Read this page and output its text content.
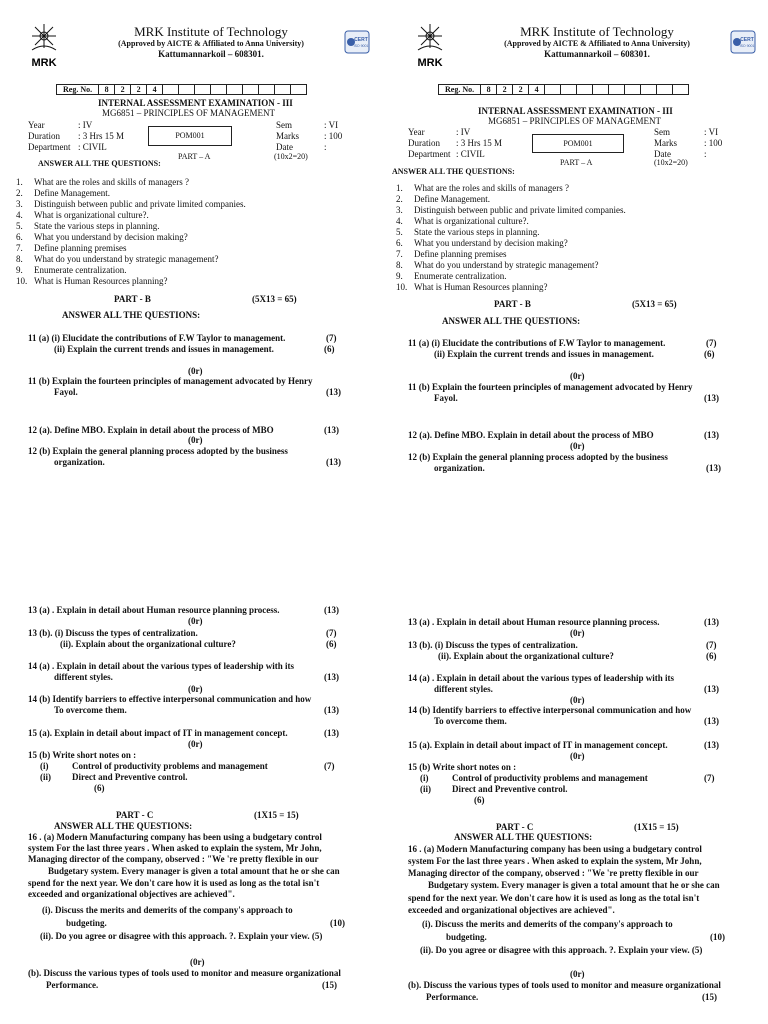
MRK
CERT
ISO 9001
MRK Institute of Technology
(Approved by AICTE & Affiliated to Anna University)
Kattumannarkoil – 608301.
Reg. No.	8	2	2	4									
INTERNAL ASSESSMENT EXAMINATION - III
MG6851 – PRINCIPLES OF MANAGEMENT
Year	: IV
Duration : 3 Hrs 15 M
Department : CIVIL
POM001
Sem	: VI
Marks	: 100
Date	:
PART – A	(10x2=20)
ANSWER ALL THE QUESTIONS:
1. What are the roles and skills of managers ?
2. Define Management.
3. Distinguish between public and private limited companies.
4. What is organizational culture?.
5. State the various steps in planning.
6. What you understand by decision making?
7. Define planning premises
8. What do you understand by strategic management?
9. Enumerate centralization.
10. What is Human Resources planning?
PART - B	(5X13 = 65)
ANSWER ALL THE QUESTIONS:
11 (a) (i) Elucidate the contributions of F.W Taylor to management.	(7)
(ii) Explain the current trends and issues in management.	(6)
(0r)
11 (b) Explain the fourteen principles of management advocated by Henry
Fayol.	(13)
12 (a). Define MBO. Explain in detail about the process of MBO	(13)
(0r)
12 (b) Explain the general planning process adopted by the business
organization.	(13)
13 (a) . Explain in detail about Human resource planning process.	(13)
(0r)
13 (b). (i) Discuss the types of centralization.	(7)
(ii). Explain about the organizational culture?	(6)
14 (a) . Explain in detail about the various types of leadership with its
different styles.	(13)
(0r)
14 (b) Identify barriers to effective interpersonal communication and how
To overcome them.	(13)
15 (a). Explain in detail about impact of IT in management concept.	(13)
(0r)
15 (b) Write short notes on :
(i)	Control of productivity problems and management	(7)
(ii) Direct and Preventive control.
(6)
PART - C	(1X15 = 15)
ANSWER ALL THE QUESTIONS:
16 . (a) Modern Manufacturing company has been using a budgetary control
system For the last three years . When asked to explain the system, Mr John,
Managing director of the company, observed : "We 're pretty flexible in our
Budgetary system. Every manager is given a total amount that he or she can
spend for the next year. We don't care how it is used as long as the total isn't
exceeded and organizational objectives are achieved".
(i). Discuss the merits and demerits of the company's approach to
budgeting.	(10)
(ii). Do you agree or disagree with this approach. ?. Explain your view. (5)
(0r)
(b). Discuss the various types of tools used to monitor and measure organizational
Performance.	(15)
MRK
CERT
ISO 9001
MRK Institute of Technology
(Approved by AICTE & Affiliated to Anna University)
Kattumannarkoil – 608301.
Reg. No.	8	2	2	4									
INTERNAL ASSESSMENT EXAMINATION - III
MG6851 – PRINCIPLES OF MANAGEMENT
Year	: IV
Duration : 3 Hrs 15 M
Department : CIVIL
POM001
Sem	: VI
Marks	: 100
Date	:
PART – A	(10x2=20)
ANSWER ALL THE QUESTIONS:
1. What are the roles and skills of managers ?
2. Define Management.
3. Distinguish between public and private limited companies.
4. What is organizational culture?.
5. State the various steps in planning.
6. What you understand by decision making?
7. Define planning premises
8. What do you understand by strategic management?
9. Enumerate centralization.
10. What is Human Resources planning?
PART - B	(5X13 = 65)
ANSWER ALL THE QUESTIONS:
11 (a) (i) Elucidate the contributions of F.W Taylor to management.	(7)
(ii) Explain the current trends and issues in management.	(6)
(0r)
11 (b) Explain the fourteen principles of management advocated by Henry
Fayol.	(13)
12 (a). Define MBO. Explain in detail about the process of MBO	(13)
(0r)
12 (b) Explain the general planning process adopted by the business
organization.	(13)
13 (a) . Explain in detail about Human resource planning process.	(13)
(0r)
13 (b). (i) Discuss the types of centralization.	(7)
(ii). Explain about the organizational culture?	(6)
14 (a) . Explain in detail about the various types of leadership with its
different styles.	(13)
(0r)
14 (b) Identify barriers to effective interpersonal communication and how
To overcome them.	(13)
15 (a). Explain in detail about impact of IT in management concept.	(13)
(0r)
15 (b) Write short notes on :
(i)	Control of productivity problems and management	(7)
(ii) Direct and Preventive control.
(6)
PART - C	(1X15 = 15)
ANSWER ALL THE QUESTIONS:
16 . (a) Modern Manufacturing company has been using a budgetary control
system For the last three years . When asked to explain the system, Mr John,
Managing director of the company, observed : "We 're pretty flexible in our
Budgetary system. Every manager is given a total amount that he or she can
spend for the next year. We don't care how it is used as long as the total isn't
exceeded and organizational objectives are achieved".
(i). Discuss the merits and demerits of the company's approach to
budgeting.	(10)
(ii). Do you agree or disagree with this approach. ?. Explain your view. (5)
(0r)
(b). Discuss the various types of tools used to monitor and measure organizational
Performance.	(15)
